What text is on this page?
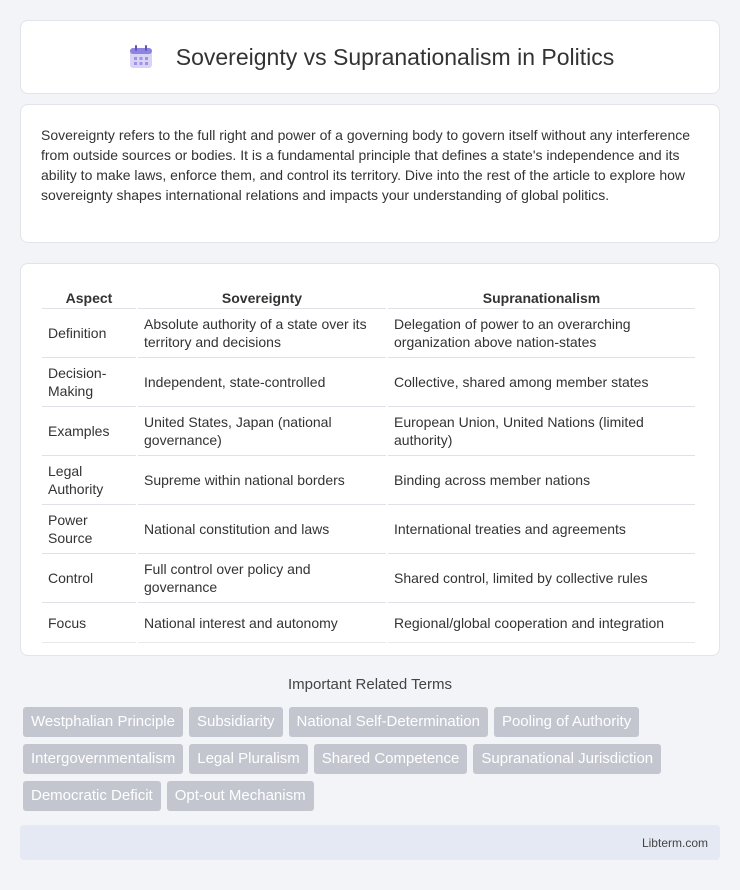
Sovereignty vs Supranationalism in Politics

Sovereignty refers to the full right and power of a governing body to govern itself without any interference from outside sources or bodies. It is a fundamental principle that defines a state's independence and its ability to make laws, enforce them, and control its territory. Dive into the rest of the article to explore how sovereignty shapes international relations and impacts your understanding of global politics.

Aspect	Sovereignty	Supranationalism
Definition	Absolute authority of a state over its territory and decisions	Delegation of power to an overarching organization above nation-states
Decision-Making	Independent, state-controlled	Collective, shared among member states
Examples	United States, Japan (national governance)	European Union, United Nations (limited authority)
Legal Authority	Supreme within national borders	Binding across member nations
Power Source	National constitution and laws	International treaties and agreements
Control	Full control over policy and governance	Shared control, limited by collective rules
Focus	National interest and autonomy	Regional/global cooperation and integration
Important Related Terms
Westphalian Principle	Subsidiarity	National Self-Determination	Pooling of Authority
Intergovernmentalism	Legal Pluralism	Shared Competence	Supranational Jurisdiction
Democratic Deficit	Opt-out Mechanism
Libterm.com
